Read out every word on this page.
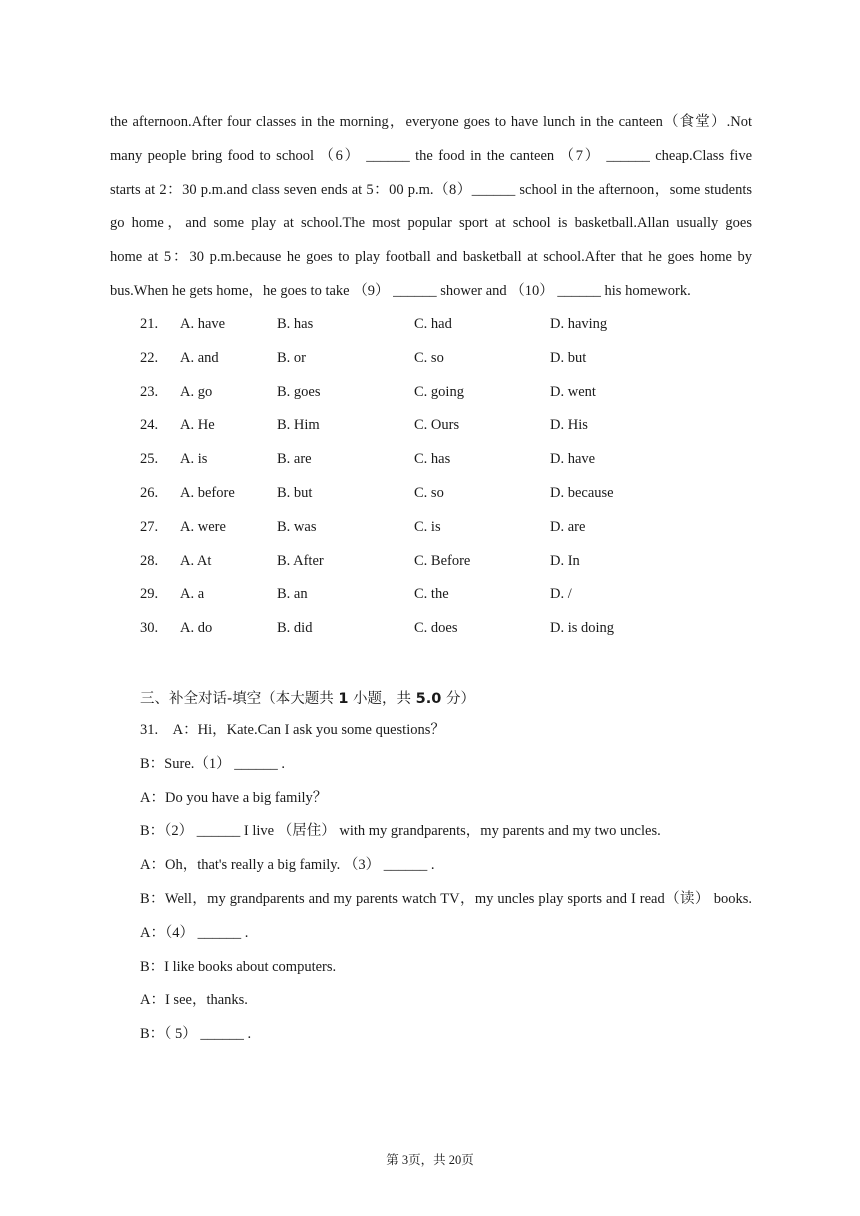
the afternoon.After four classes in the morning，everyone goes to have lunch in the canteen（食堂）.Not
many people bring food to school （6） ______ the food in the canteen （7） ______ cheap.Class five
starts at 2：30 p.m.and class seven ends at 5：00 p.m.（8）______ school in the afternoon，some students
go home，and some play at school.The most popular sport at school is basketball.Allan usually goes
home at 5：30 p.m.because he goes to play football and basketball at school.After that he goes home by
bus.When he gets home，he goes to take （9） ______ shower and （10） ______ his homework.
21. A. have	B. has	C. had	D. having
22. A. and	B. or	C. so	D. but
23. A. go	B. goes	C. going	D. went
24. A. He	B. Him	C. Ours	D. His
25. A. is	B. are	C. has	D. have
26. A. before	B. but	C. so	D. because
27. A. were	B. was	C. is	D. are
28. A. At	B. After	C. Before	D. In
29. A. a	B. an	C. the	D. /
30. A. do	B. did	C. does	D. is doing
三、补全对话-填空（本大题共 1 小题，共 5.0 分）
31.　A：Hi，Kate.Can I ask you some questions？
B：Sure.（1） ______ .
A：Do you have a big family？
B：（2） ______ I live （居住） with my grandparents，my parents and my two uncles.
A：Oh，that's really a big family. （3） ______ .
B：Well，my grandparents and my parents watch TV，my uncles play sports and I read（读） books.
A：（4） ______ .
B：I like books about computers.
A：I see，thanks.
B：（ 5） ______ .
第 3页，共 20页
